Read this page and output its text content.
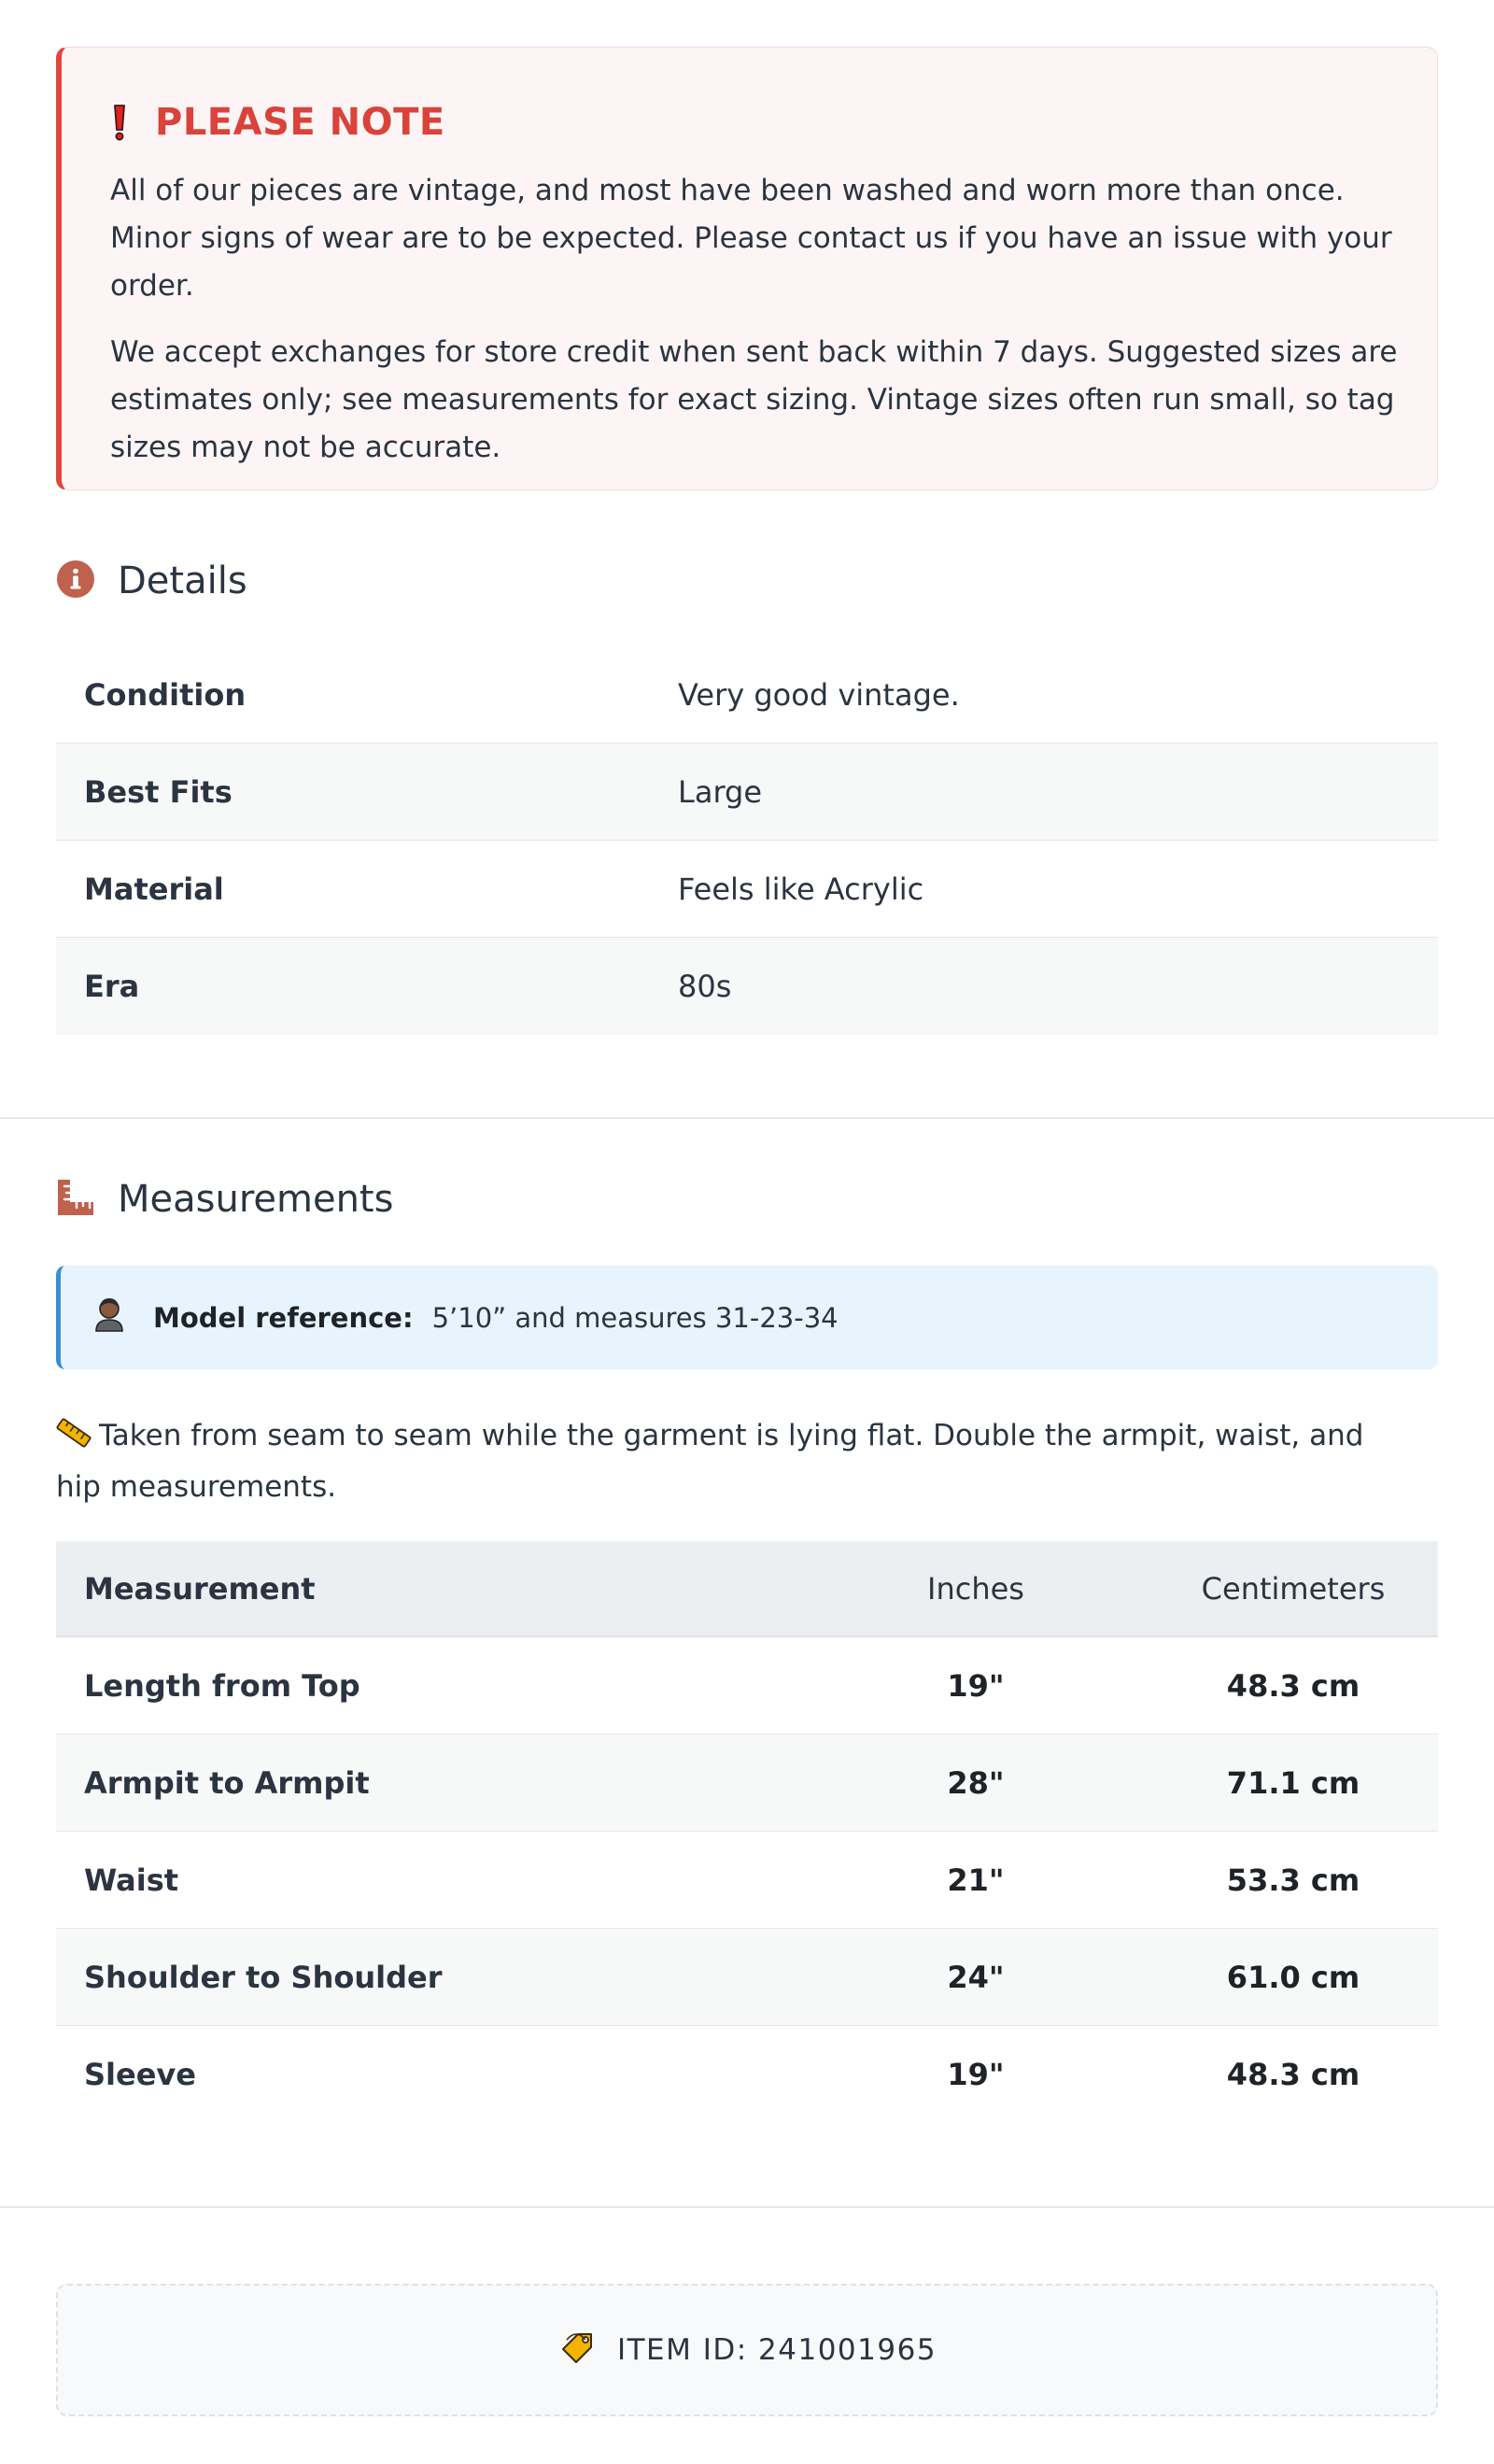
PLEASE NOTE

All of our pieces are vintage, and most have been washed and worn more than once. Minor signs of wear are to be expected. Please contact us if you have an issue with your order.

We accept exchanges for store credit when sent back within 7 days. Suggested sizes are estimates only; see measurements for exact sizing. Vintage sizes often run small, so tag sizes may not be accurate.

Details
Condition	Very good vintage.
Best Fits	Large
Material	Feels like Acrylic
Era	80s
Measurements
Model reference: 5’10” and measures 31-23-34
Taken from seam to seam while the garment is lying flat. Double the armpit, waist, and hip measurements.
Measurement	Inches	Centimeters
Length from Top	19"	48.3 cm
Armpit to Armpit	28"	71.1 cm
Waist	21"	53.3 cm
Shoulder to Shoulder	24"	61.0 cm
Sleeve	19"	48.3 cm
ITEM ID: 241001965
